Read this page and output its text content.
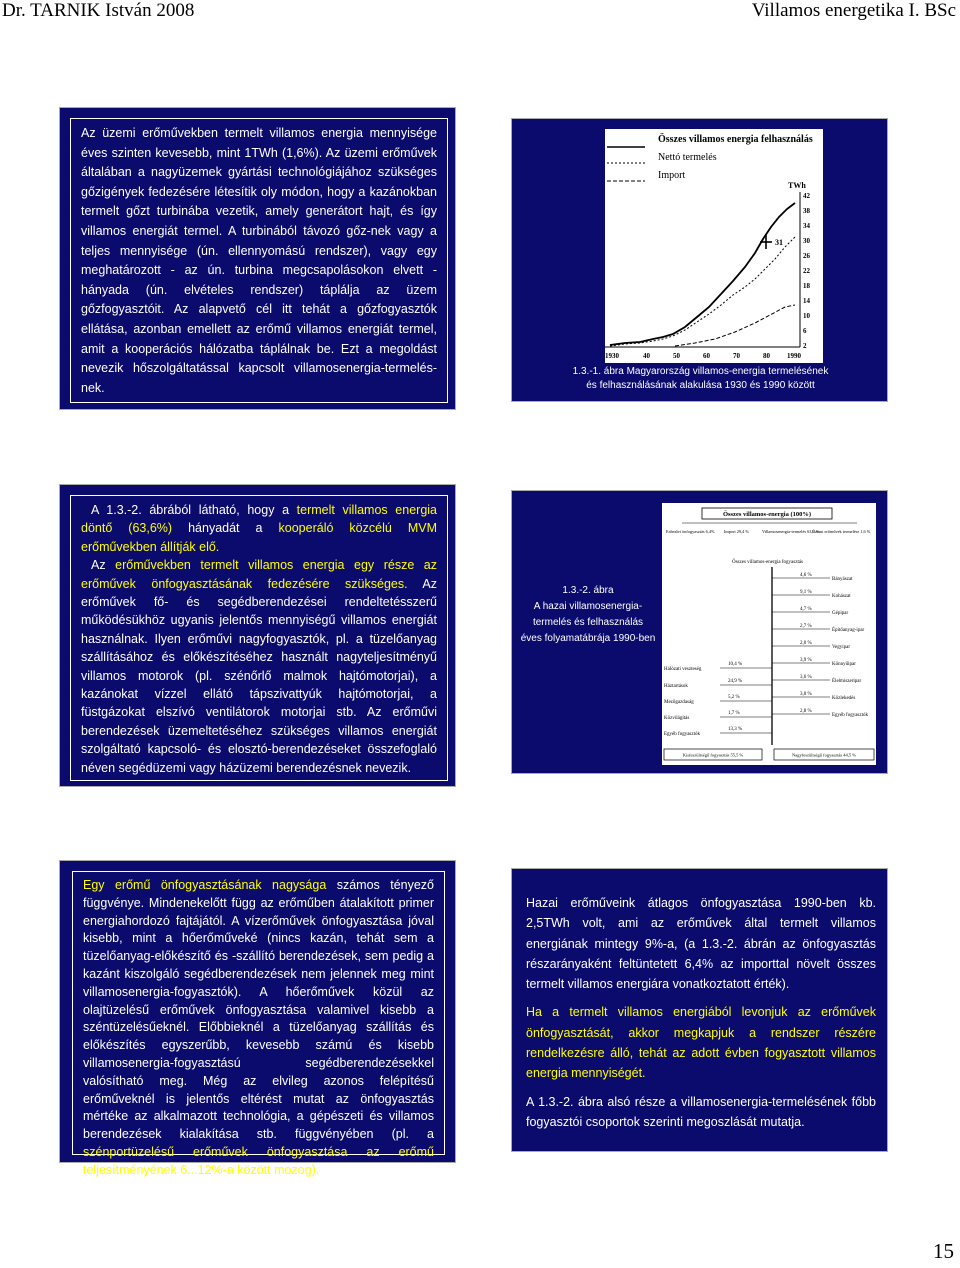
Dr. TARNIK István 2008	Villamos energetika I. BSc

Az üzemi erőművekben termelt villamos energia mennyisége éves szinten kevesebb, mint 1TWh (1,6%). Az üzemi erőművek általában a nagyüzemek gyártási technológiájához szükséges gőzigények fedezésére létesítik oly módon, hogy a kazánokban termelt gőzt turbinába vezetik, amely generátort hajt, és így villamos energiát termel. A turbinából távozó gőz-nek vagy a teljes mennyisége (ún. ellennyomású rendszer), vagy egy meghatározott - az ún. turbina megcsapolásokon elvett - hányada (ún. elvételes rendszer) táplálja az üzem gőzfogyasztóit. Az alapvető cél itt tehát a gőzfogyasztók ellátása, azonban emellett az erőmű villamos energiát termel, amit a kooperációs hálózatba táplálnak be. Ezt a megoldást nevezik hőszolgáltatással kapcsolt villamosenergia-termelés-nek.

Összes villamos energia felhasználás
Nettó termelés
Import
TWh
42
38
34
30
26
22
18
14
10
6
2
1930	40	50	60	70	80 1990
31
1.3.-1. ábra Magyarország villamos-energia termelésének
és felhasználásának alakulása 1930 és 1990 között

A 1.3.-2. ábrából látható, hogy a termelt villamos energia döntő (63,6%) hányadát a kooperáló közcélú MVM erőművekben állítják elő.

Az erőművekben termelt villamos energia egy része az erőművek önfogyasztásának fedezésére szükséges. Az erőművek fő- és segédberendezései rendeltetésszerű működésükhöz ugyanis jelentős mennyiségű villamos energiát használnak. Ilyen erőművi nagyfogyasztók, pl. a tüzelőanyag szállításához és előkészítéséhez használt nagyteljesítményű villamos motorok (pl. szénőrlő malmok hajtómotorjai), a kazánokat vízzel ellátó tápszivattyúk hajtómotorjai, a füstgázokat elszívó ventilátorok motorjai stb. Az erőművi berendezések üzemeltetéséhez szükséges villamos energiát szolgáltató kapcsoló- és elosztó-berendezéseket összefoglaló néven segédüzemi vagy házüzemi berendezésnek nevezik.

1.3.-2. ábra
A hazai villamosenergia-
termelés és felhasználás
éves folyamatábrája 1990-ben
Összes villamos-energia (100%)
Erőművi önfogyasztás 6,4% Import 29,4 %	Villamosenergia-termelés 63,6 %
Üzemi erőművek termelése 1,6 %
Összes villamos-energia fogyasztás
4,6 %
9,1 %
4,7 %
2,7 %
2,0 %
3,9 %
3,6 %
3,0 %
2,8 %
Bányászat
Kohászat
Gépipar
Építőanyag-ipar
Vegyipar
Könnyűipar
Élelmiszeripar
Közlekedés
Egyéb fogyasztók
10,4 %
24,9 %
5,2 %
1,7 %
13,3 %
Hálózati veszteség
Háztartások
Mezőgazdaság
Közvilágítás
Egyéb fogyasztók
Kisfeszültségű fogyasztás 55,5 %	Nagyfeszültségű fogyasztás 44,5 %

Egy erőmű önfogyasztásának nagysága számos tényező függvénye. Mindenekelőtt függ az erőműben átalakított primer energiahordozó fajtájától. A vízerőművek önfogyasztása jóval kisebb, mint a hőerőműveké (nincs kazán, tehát sem a tüzelőanyag-előkészítő és -szállító berendezések, sem pedig a kazánt kiszolgáló segédberendezések nem jelennek meg mint villamosenergia-fogyasztók). A hőerőművek közül az olajtüzelésű erőművek önfogyasztása valamivel kisebb a széntüzelésűeknél. Előbbieknél a tüzelőanyag szállítás és előkészítés egyszerűbb, kevesebb számú és kisebb villamosenergia-fogyasztású segédberendezésekkel valósítható meg. Még az elvileg azonos felépítésű erőműveknél is jelentős eltérést mutat az önfogyasztás mértéke az alkalmazott technológia, a gépészeti és villamos berendezések kialakítása stb. függvényében (pl. a szénportüzelésű erőművek önfogyasztása az erőmű teljesítményének 6...12%-a között mozog).

Hazai erőműveink átlagos önfogyasztása 1990-ben kb. 2,5TWh volt, ami az erőművek által termelt villamos energiának mintegy 9%-a, (a 1.3.-2. ábrán az önfogyasztás részarányaként feltüntetett 6,4% az importtal növelt összes termelt villamos energiára vonatkoztatott érték).

Ha a termelt villamos energiából levonjuk az erőművek önfogyasztását, akkor megkapjuk a rendszer részére rendelkezésre álló, tehát az adott évben fogyasztott villamos energia mennyiségét.

A 1.3.-2. ábra alsó része a villamosenergia-termelésének főbb fogyasztói csoportok szerinti megoszlását mutatja.

15
